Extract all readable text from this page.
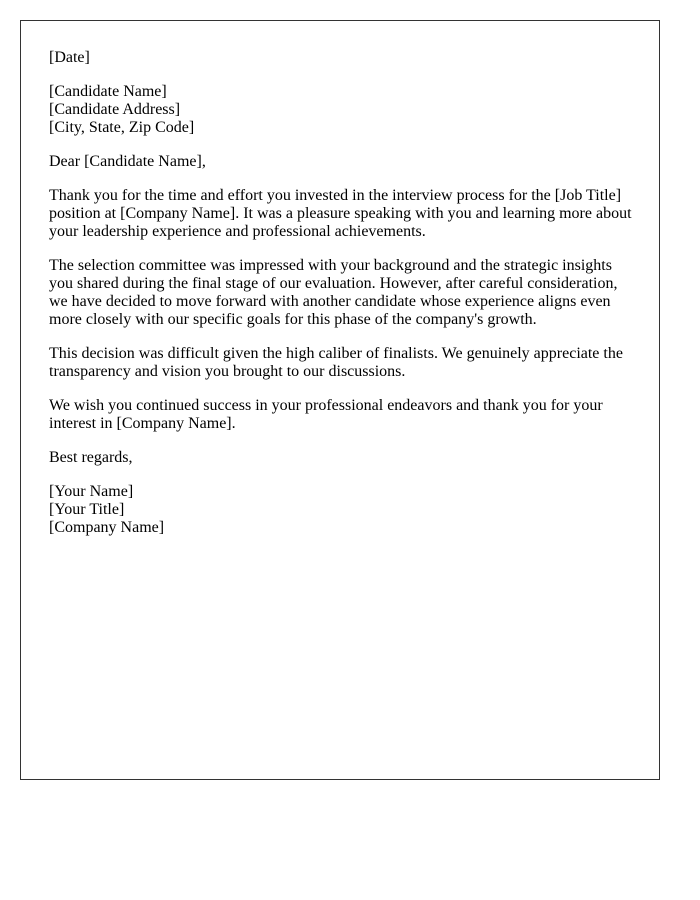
[Date]
[Candidate Name]
[Candidate Address]
[City, State, Zip Code]
Dear [Candidate Name],
Thank you for the time and effort you invested in the interview process for the [Job Title]
position at [Company Name]. It was a pleasure speaking with you and learning more about
your leadership experience and professional achievements.
The selection committee was impressed with your background and the strategic insights
you shared during the final stage of our evaluation. However, after careful consideration,
we have decided to move forward with another candidate whose experience aligns even
more closely with our specific goals for this phase of the company's growth.
This decision was difficult given the high caliber of finalists. We genuinely appreciate the
transparency and vision you brought to our discussions.
We wish you continued success in your professional endeavors and thank you for your
interest in [Company Name].
Best regards,
[Your Name]
[Your Title]
[Company Name]
